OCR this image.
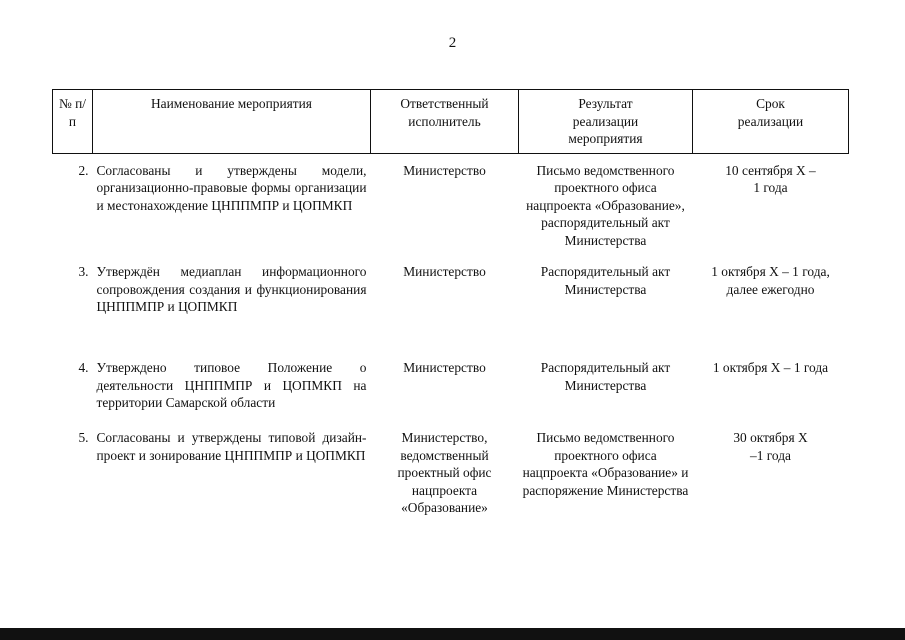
2
№ п/п	Наименование мероприятия	Ответственный исполнитель	Результат реализации мероприятия	Срок реализации
2.	Согласованы и утверждены модели, организационно-правовые формы организации и местонахождение ЦНППМПР и ЦОПМКП	Министерство	Письмо ведомственного проектного офиса нацпроекта «Образование», распорядительный акт Министерства	10 сентября Х – 1 года
3.	Утверждён медиаплан информационного сопровождения создания и функционирования ЦНППМПР и ЦОПМКП	Министерство	Распорядительный акт Министерства	1 октября Х – 1 года, далее ежегодно
4.	Утверждено типовое Положение о деятельности ЦНППМПР и ЦОПМКП на территории Самарской области	Министерство	Распорядительный акт Министерства	1 октября Х – 1 года
5.	Согласованы и утверждены типовой дизайн-проект и зонирование ЦНППМПР и ЦОПМКП	Министерство, ведомственный проектный офис нацпроекта «Образование»	Письмо ведомственного проектного офиса нацпроекта «Образование» и распоряжение Министерства	30 октября Х –1 года
